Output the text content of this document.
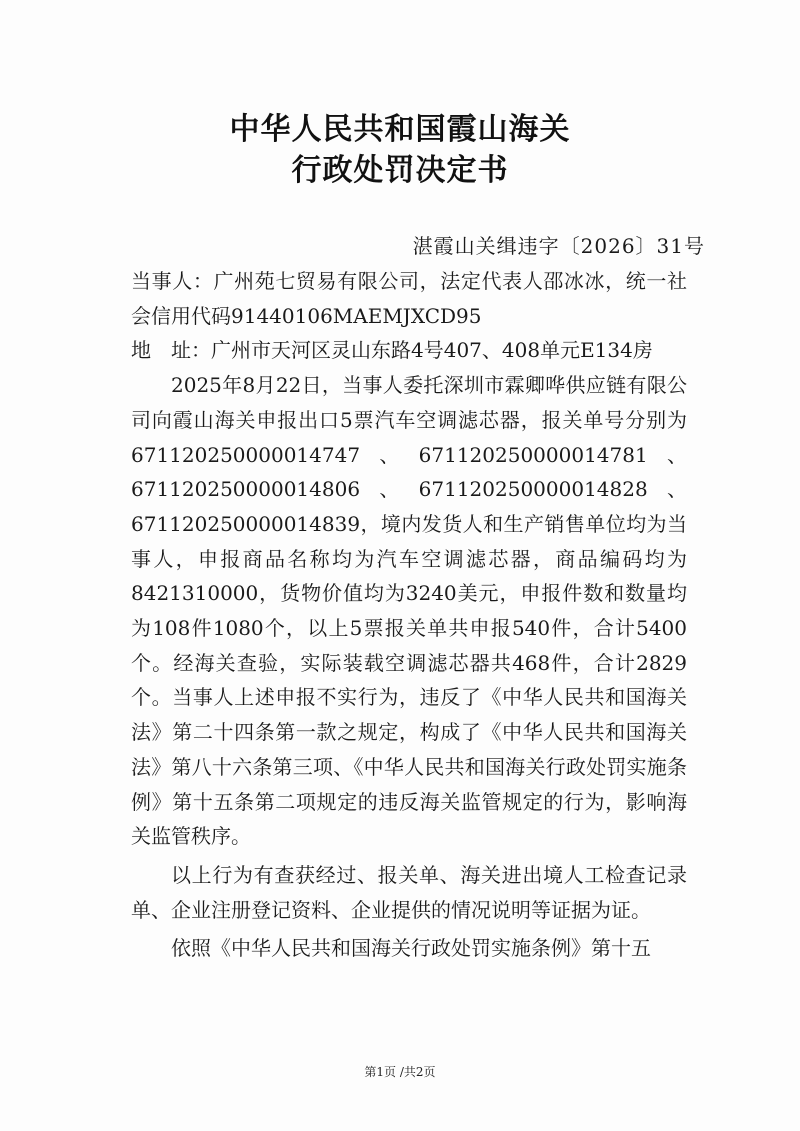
中华人民共和国霞山海关
行政处罚决定书
湛霞山关缉违字〔2026〕31号

当事人：广州苑七贸易有限公司，法定代表人邵冰冰，统一社会信用代码91440106MAEMJXCD95

地　址：广州市天河区灵山东路4号407、408单元E134房

2025年8月22日，当事人委托深圳市霖卿哗供应链有限公司向霞山海关申报出口5票汽车空调滤芯器，报关单号分别为671120250000014747、671120250000014781、671120250000014806、671120250000014828、671120250000014839，境内发货人和生产销售单位均为当事人，申报商品名称均为汽车空调滤芯器，商品编码均为8421310000，货物价值均为3240美元，申报件数和数量均为108件1080个，以上5票报关单共申报540件，合计5400个。经海关查验，实际装载空调滤芯器共468件，合计2829个。当事人上述申报不实行为，违反了《中华人民共和国海关法》第二十四条第一款之规定，构成了《中华人民共和国海关法》第八十六条第三项、《中华人民共和国海关行政处罚实施条例》第十五条第二项规定的违反海关监管规定的行为，影响海关监管秩序。

以上行为有查获经过、报关单、海关进出境人工检查记录单、企业注册登记资料、企业提供的情况说明等证据为证。

依照《中华人民共和国海关行政处罚实施条例》第十五

第1页 /共2页
